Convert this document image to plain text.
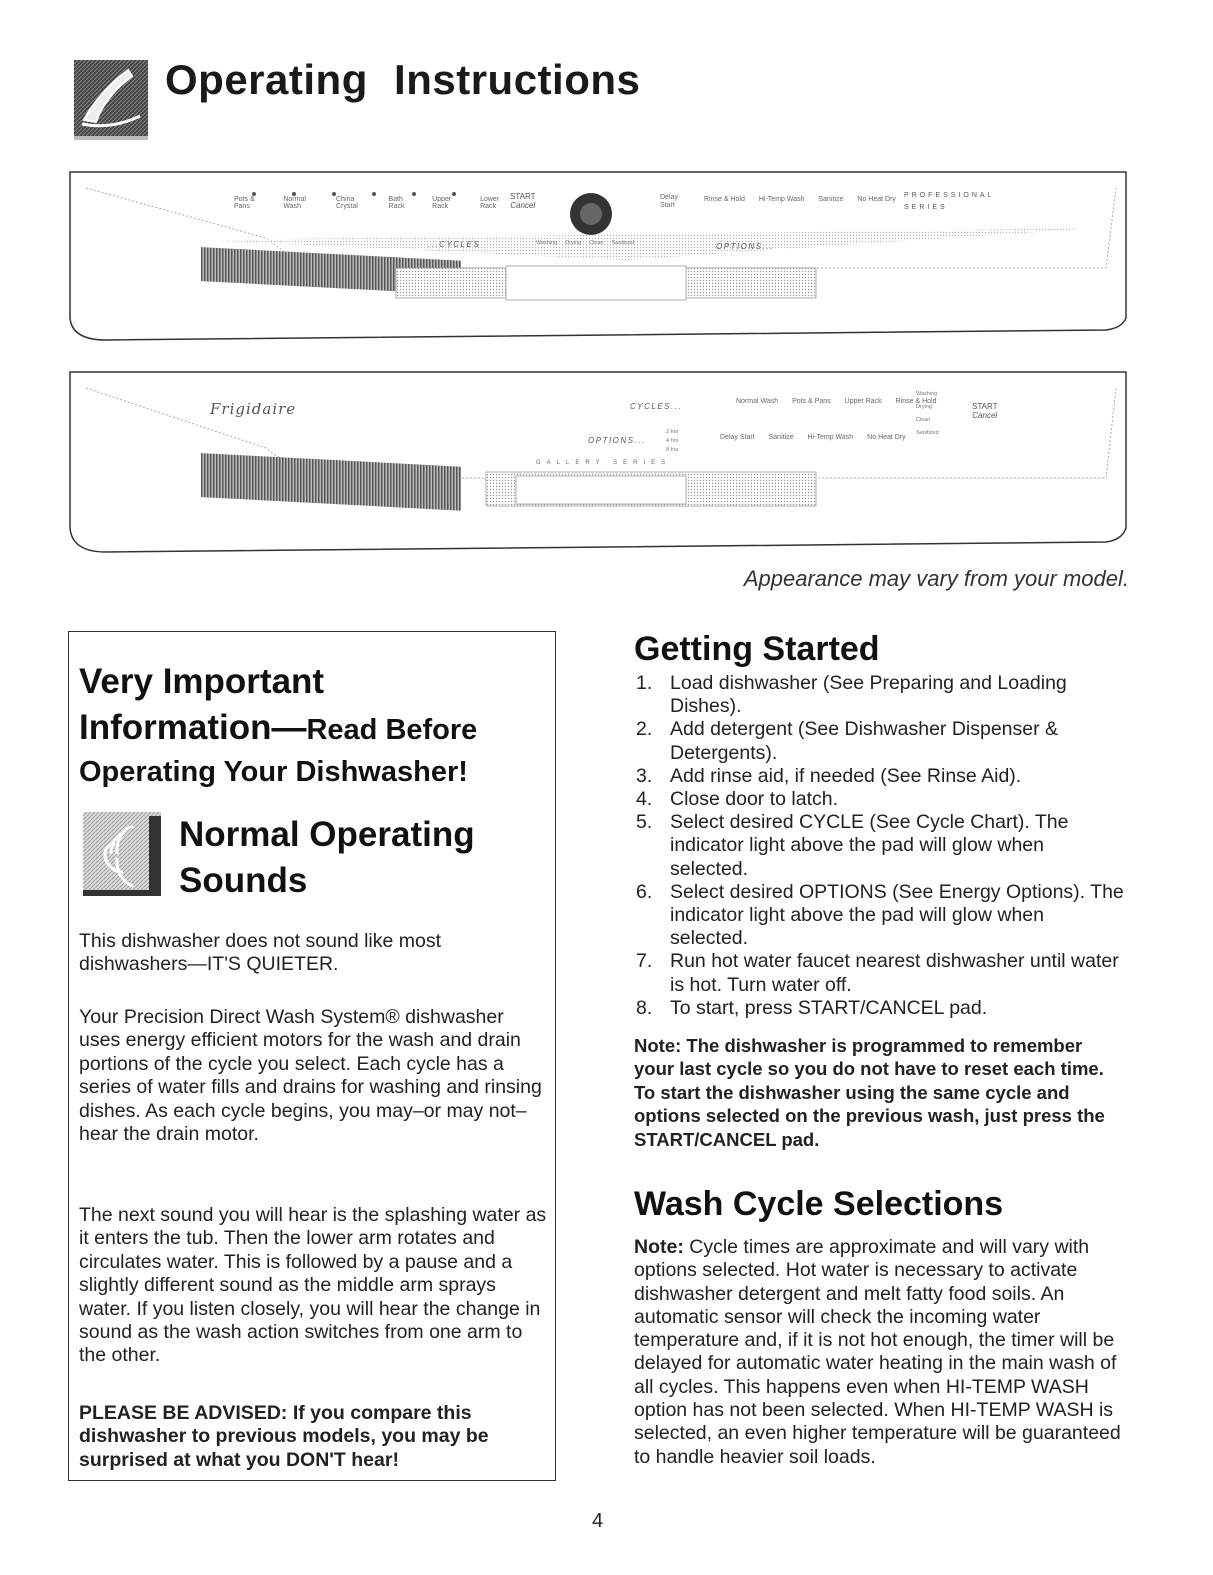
Operating Instructions
Pots & Pans
Normal Wash
China Crystal
Bath Rack
Upper Rack
Lower Rack
START
Cancel
...CYCLES	Washing Drying Clean Sanitized
Delay Start
Rinse & Hold Hi-Temp Wash Sanitize No Heat Dry
OPTIONS...
PROFESSIONAL
SERIES
Frigidaire	CYCLES...
Normal Wash Pots & Pans Upper Rack Rinse & Hold
Washing
Drying
Clean
Sanitized
START
Cancel
OPTIONS...
2 hrs
4 hrs
8 hrs
Delay Start Sanitize Hi-Temp Wash No Heat Dry
GALLERY SERIES

Appearance may vary from your model.

Very Important
Information—Read Before
Operating Your Dishwasher!
Normal Operating
Sounds

This dishwasher does not sound like most dishwashers—IT'S QUIETER.

Your Precision Direct Wash System® dishwasher uses energy efficient motors for the wash and drain portions of the cycle you select. Each cycle has a series of water fills and drains for washing and rinsing dishes. As each cycle begins, you may–or may not–hear the drain motor.

The next sound you will hear is the splashing water as it enters the tub. Then the lower arm rotates and circulates water. This is followed by a pause and a slightly different sound as the middle arm sprays water. If you listen closely, you will hear the change in sound as the wash action switches from one arm to the other.

PLEASE BE ADVISED: If you compare this dishwasher to previous models, you may be surprised at what you DON'T hear!

Getting Started
1. Load dishwasher (See Preparing and Loading Dishes).
2. Add detergent (See Dishwasher Dispenser & Detergents).
3. Add rinse aid, if needed (See Rinse Aid).
4. Close door to latch.
5. Select desired CYCLE (See Cycle Chart). The indicator light above the pad will glow when selected.
6. Select desired OPTIONS (See Energy Options). The indicator light above the pad will glow when selected.
7. Run hot water faucet nearest dishwasher until water is hot. Turn water off.
8. To start, press START/CANCEL pad.

Note: The dishwasher is programmed to remember your last cycle so you do not have to reset each time. To start the dishwasher using the same cycle and options selected on the previous wash, just press the START/CANCEL pad.

Wash Cycle Selections

Note: Cycle times are approximate and will vary with options selected. Hot water is necessary to activate dishwasher detergent and melt fatty food soils. An automatic sensor will check the incoming water temperature and, if it is not hot enough, the timer will be delayed for automatic water heating in the main wash of all cycles. This happens even when HI-TEMP WASH option has not been selected. When HI-TEMP WASH is selected, an even higher temperature will be guaranteed to handle heavier soil loads.

4
